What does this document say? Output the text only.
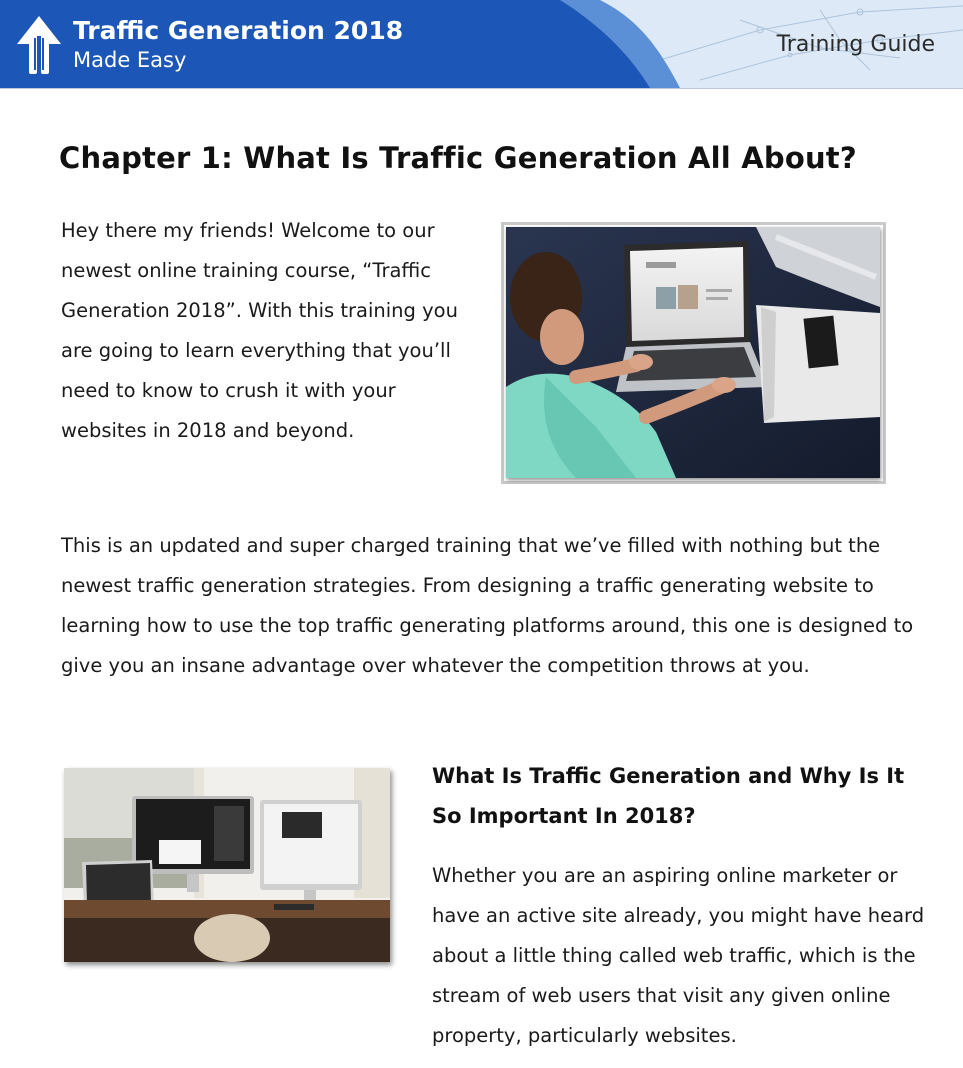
Traffic Generation 2018
Made Easy
Training Guide
Chapter 1: What Is Traffic Generation All About?

Hey there my friends! Welcome to our newest online training course, “Traffic Generation 2018”. With this training you are going to learn everything that you’ll need to know to crush it with your websites in 2018 and beyond.

This is an updated and super charged training that we’ve filled with nothing but the newest traffic generation strategies. From designing a traffic generating website to learning how to use the top traffic generating platforms around, this one is designed to give you an insane advantage over whatever the competition throws at you.

What Is Traffic Generation and Why Is It So Important In 2018?

Whether you are an aspiring online marketer or have an active site already, you might have heard about a little thing called web traffic, which is the stream of web users that visit any given online property, particularly websites.
